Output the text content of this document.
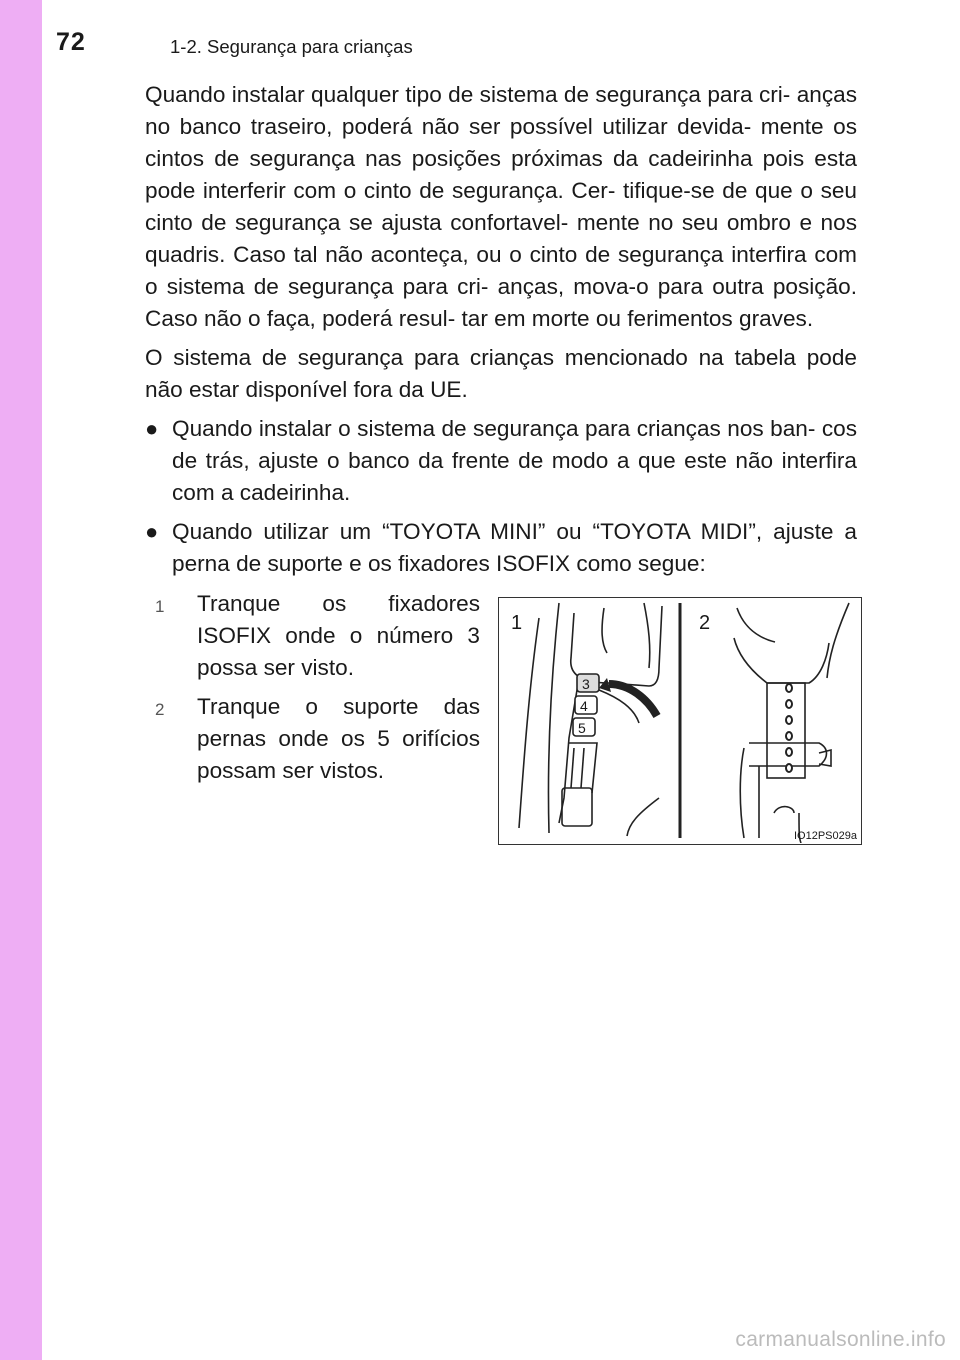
72	1-2. Segurança para crianças

Quando instalar qualquer tipo de sistema de segurança para cri- anças no banco traseiro, poderá não ser possível utilizar devida- mente os cintos de segurança nas posições próximas da cadeirinha pois esta pode interferir com o cinto de segurança. Cer- tifique-se de que o seu cinto de segurança se ajusta confortavel- mente no seu ombro e nos quadris. Caso tal não aconteça, ou o cinto de segurança interfira com o sistema de segurança para cri- anças, mova-o para outra posição. Caso não o faça, poderá resul- tar em morte ou ferimentos graves.

O sistema de segurança para crianças mencionado na tabela pode não estar disponível fora da UE.

● Quando instalar o sistema de segurança para crianças nos ban- cos de trás, ajuste o banco da frente de modo a que este não interfira com a cadeirinha.
● Quando utilizar um “TOYOTA MINI” ou “TOYOTA MIDI”, ajuste a perna de suporte e os fixadores ISOFIX como segue:
1 Tranque os fixadores ISOFIX onde o número 3 possa ser visto.
2 Tranque o suporte das pernas onde os 5 orifícios possam ser vistos.
1	2
3
4
5
IO12PS029a
carmanualsonline.info
